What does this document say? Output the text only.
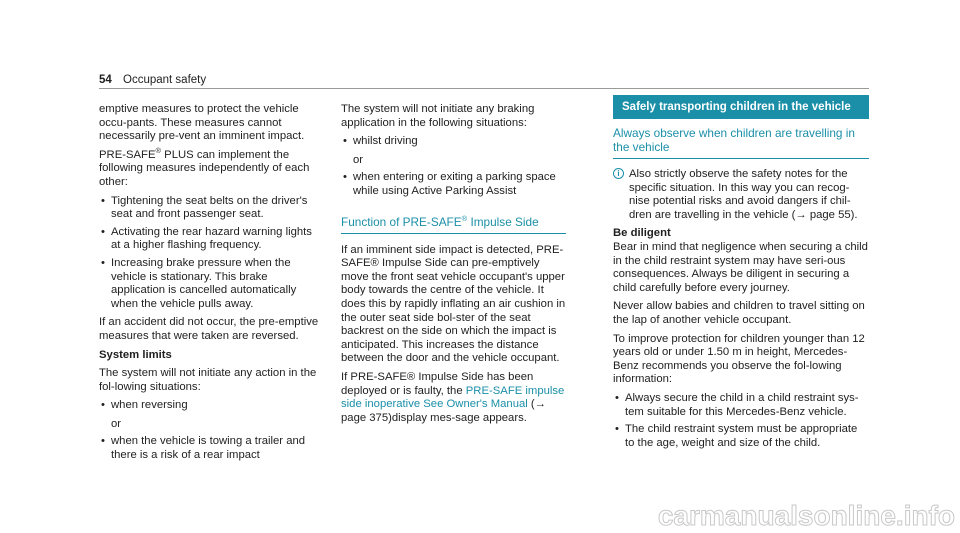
54 Occupant safety

emptive measures to protect the vehicle occu-pants. These measures cannot necessarily pre-vent an imminent impact.

PRE-SAFE® PLUS can implement the following measures independently of each other:

• Tightening the seat belts on the driver's seat and front passenger seat.
• Activating the rear hazard warning lights at a higher flashing frequency.
• Increasing brake pressure when the vehicle is stationary. This brake application is cancelled automatically when the vehicle pulls away.

If an accident did not occur, the pre-emptive measures that were taken are reversed.

System limits

The system will not initiate any action in the fol-lowing situations:

• when reversing
or
• when the vehicle is towing a trailer and there is a risk of a rear impact

The system will not initiate any braking application in the following situations:

• whilst driving
or
• when entering or exiting a parking space while using Active Parking Assist
Function of PRE-SAFE® Impulse Side

If an imminent side impact is detected, PRE-SAFE® Impulse Side can pre-emptively move the front seat vehicle occupant's upper body towards the centre of the vehicle. It does this by rapidly inflating an air cushion in the outer seat side bol-ster of the seat backrest on the side on which the impact is anticipated. This increases the distance between the door and the vehicle occupant.

If PRE-SAFE® Impulse Side has been deployed or is faulty, the PRE-SAFE impulse side inoperative See Owner's Manual (→ page 375)display mes-sage appears.

Safely transporting children in the vehicle
Always observe when children are travelling in the vehicle
i Also strictly observe the safety notes for the specific situation. In this way you can recog-nise potential risks and avoid dangers if chil-dren are travelling in the vehicle (→ page 55).

Be diligent

Bear in mind that negligence when securing a child in the child restraint system may have seri-ous consequences. Always be diligent in securing a child carefully before every journey.

Never allow babies and children to travel sitting on the lap of another vehicle occupant.

To improve protection for children younger than 12 years old or under 1.50 m in height, Mercedes-Benz recommends you observe the fol-lowing information:

• Always secure the child in a child restraint sys-tem suitable for this Mercedes-Benz vehicle.
• The child restraint system must be appropriate to the age, weight and size of the child.
carmanualsonline.info
